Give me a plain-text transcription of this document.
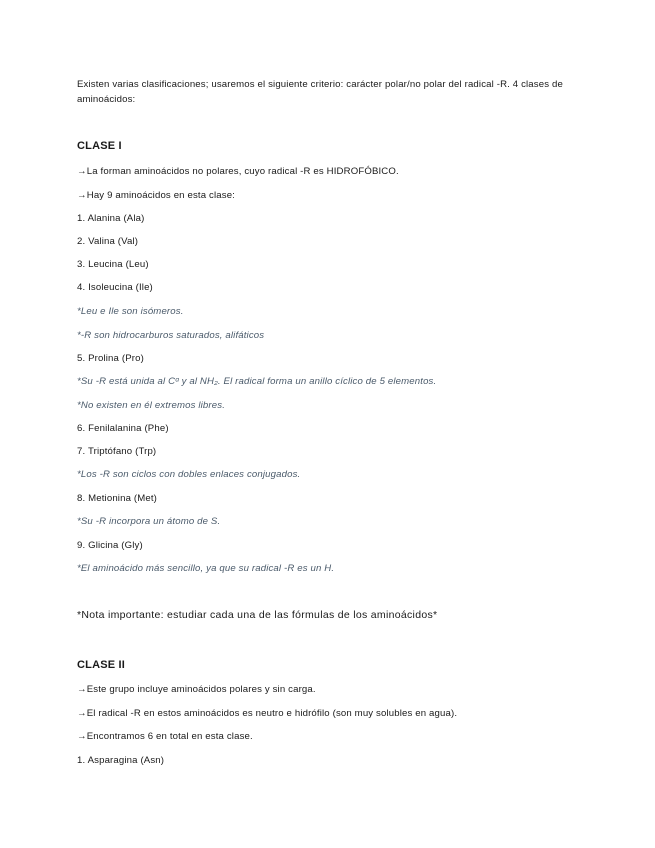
Existen varias clasificaciones; usaremos el siguiente criterio: carácter polar/no polar del radical -R. 4 clases de aminoácidos:
CLASE I
→La forman aminoácidos no polares, cuyo radical -R es HIDROFÓBICO.
→Hay 9 aminoácidos en esta clase:
1. Alanina (Ala)
2. Valina (Val)
3. Leucina (Leu)
4. Isoleucina (Ile)
*Leu e Ile son isómeros.
*-R son hidrocarburos saturados, alifáticos
5. Prolina (Pro)
*Su -R está unida al Cᵅ y al NH₂. El radical forma un anillo cíclico de 5 elementos.
*No existen en él extremos libres.
6. Fenilalanina (Phe)
7. Triptófano (Trp)
*Los -R son ciclos con dobles enlaces conjugados.
8. Metionina (Met)
*Su -R incorpora un átomo de S.
9. Glicina (Gly)
*El aminoácido más sencillo, ya que su radical -R es un H.
*Nota importante: estudiar cada una de las fórmulas de los aminoácidos*
CLASE II
→Este grupo incluye aminoácidos polares y sin carga.
→El radical -R en estos aminoácidos es neutro e hidrófilo (son muy solubles en agua).
→Encontramos 6 en total en esta clase.
1. Asparagina (Asn)
